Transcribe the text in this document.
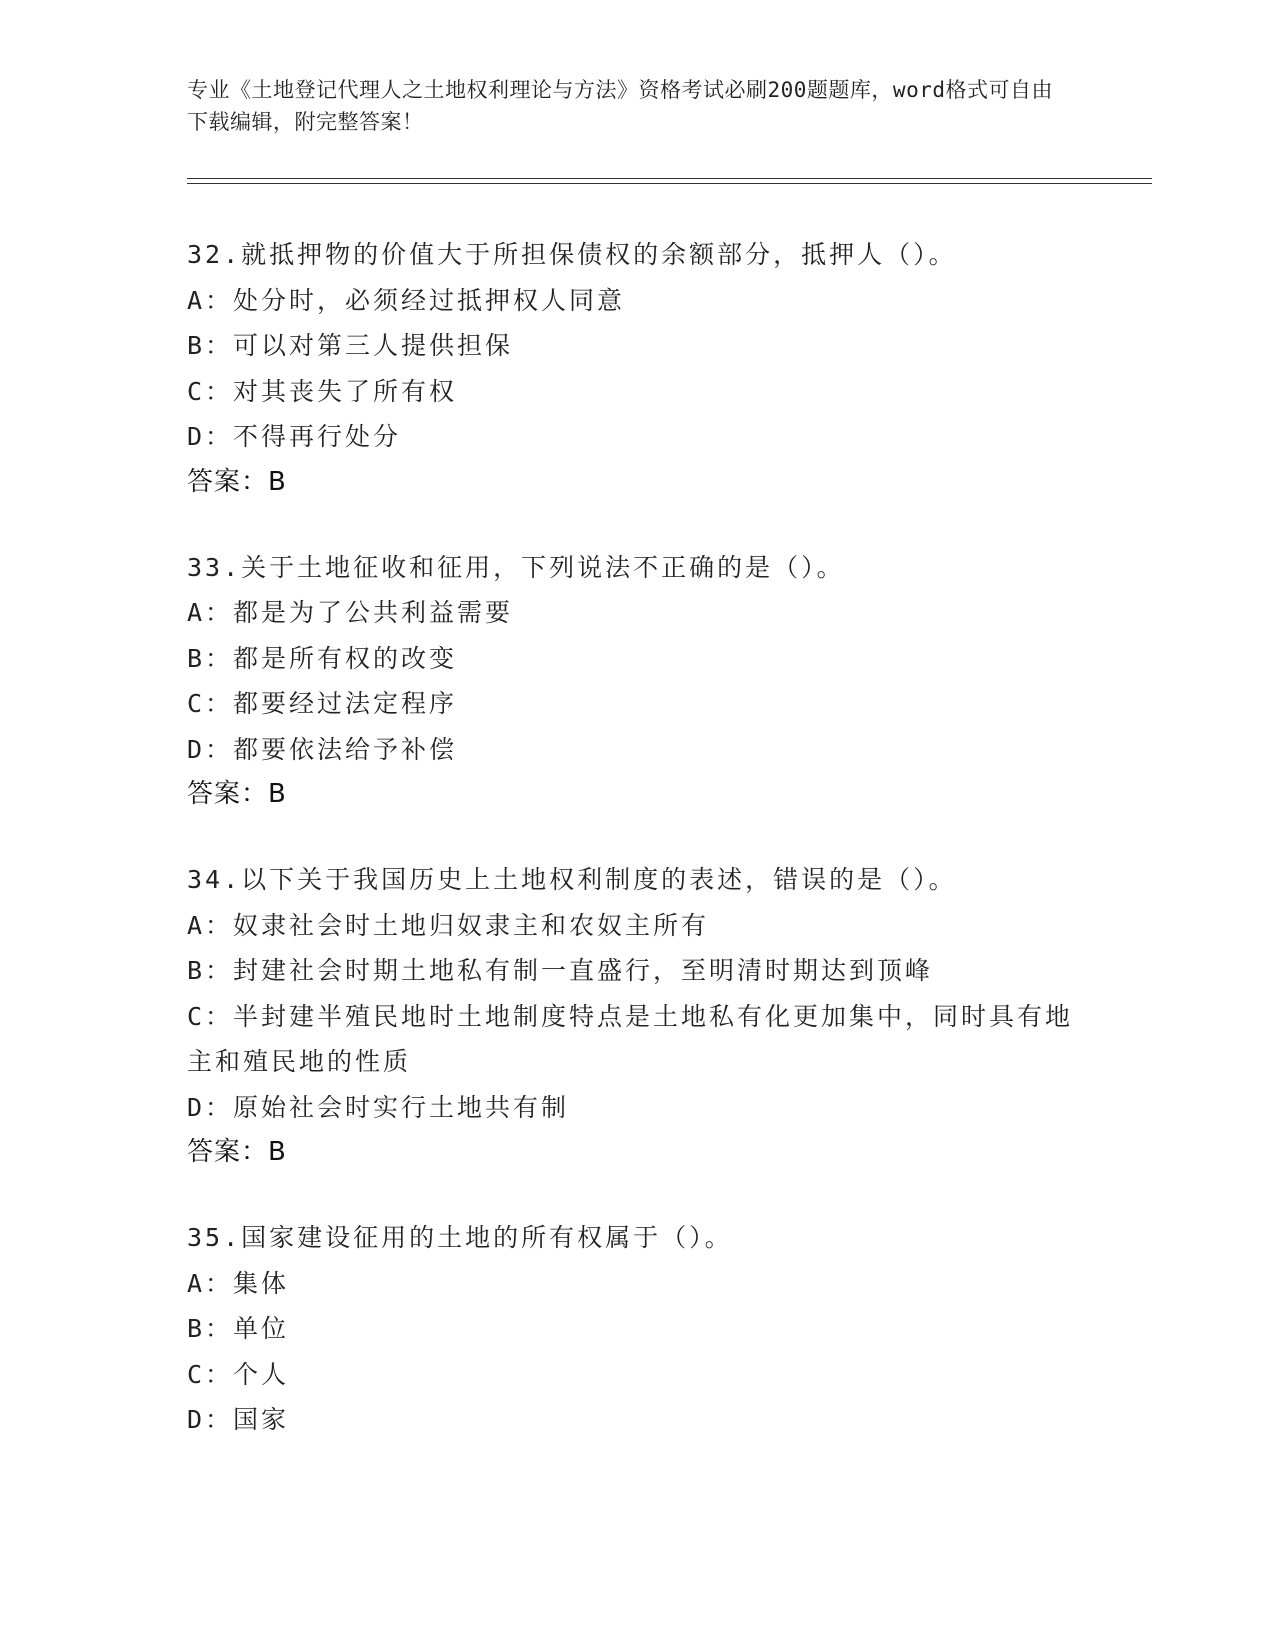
专业《土地登记代理人之土地权利理论与方法》资格考试必刷200题题库，word格式可自由下载编辑，附完整答案！
32.就抵押物的价值大于所担保债权的余额部分，抵押人（）。
A：处分时，必须经过抵押权人同意
B：可以对第三人提供担保
C：对其丧失了所有权
D：不得再行处分
答案：B
33.关于土地征收和征用，下列说法不正确的是（）。
A：都是为了公共利益需要
B：都是所有权的改变
C：都要经过法定程序
D：都要依法给予补偿
答案：B
34.以下关于我国历史上土地权利制度的表述，错误的是（）。
A：奴隶社会时土地归奴隶主和农奴主所有
B：封建社会时期土地私有制一直盛行，至明清时期达到顶峰
C：半封建半殖民地时土地制度特点是土地私有化更加集中，同时具有地主和殖民地的性质
D：原始社会时实行土地共有制
答案：B
35.国家建设征用的土地的所有权属于（）。
A：集体
B：单位
C：个人
D：国家
